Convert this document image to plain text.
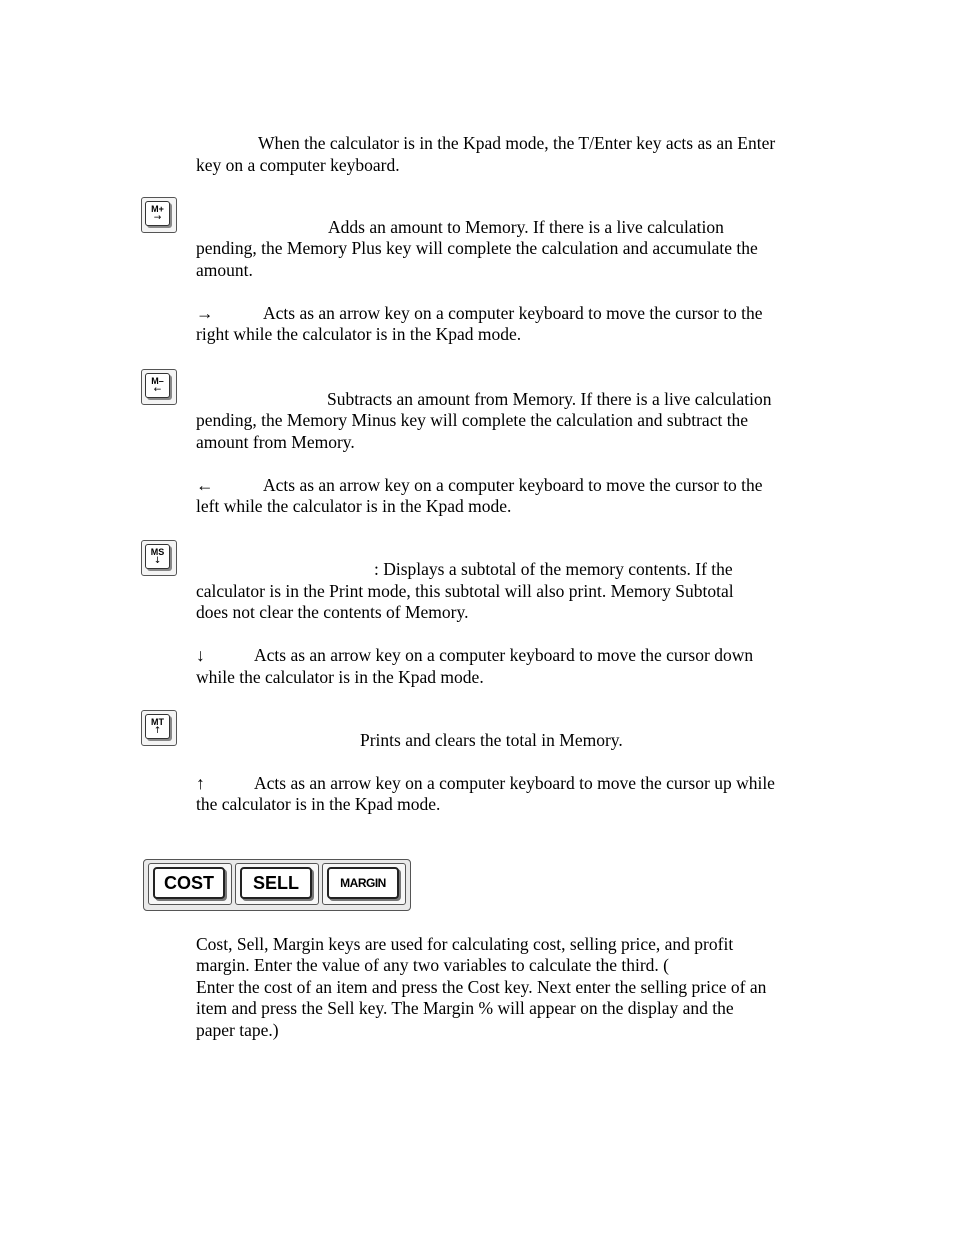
When the calculator is in the Kpad mode, the T/Enter key acts as an Enter
key on a computer keyboard.
M+
→	Adds an amount to Memory. If there is a live calculation
pending, the Memory Plus key will complete the calculation and accumulate the
amount.
→	Acts as an arrow key on a computer keyboard to move the cursor to the
right while the calculator is in the Kpad mode.
M–
←	Subtracts an amount from Memory. If there is a live calculation
pending, the Memory Minus key will complete the calculation and subtract the
amount from Memory.
←	Acts as an arrow key on a computer keyboard to move the cursor to the
left while the calculator is in the Kpad mode.
MS
↓	: Displays a subtotal of the memory contents. If the
calculator is in the Print mode, this subtotal will also print. Memory Subtotal
does not clear the contents of Memory.
↓	Acts as an arrow key on a computer keyboard to move the cursor down
while the calculator is in the Kpad mode.
MT
↑	Prints and clears the total in Memory.
↑	Acts as an arrow key on a computer keyboard to move the cursor up while
the calculator is in the Kpad mode.
COST	SELL	MARGIN
Cost, Sell, Margin keys are used for calculating cost, selling price, and profit
margin. Enter the value of any two variables to calculate the third. (
Enter the cost of an item and press the Cost key. Next enter the selling price of an
item and press the Sell key. The Margin % will appear on the display and the
paper tape.)
